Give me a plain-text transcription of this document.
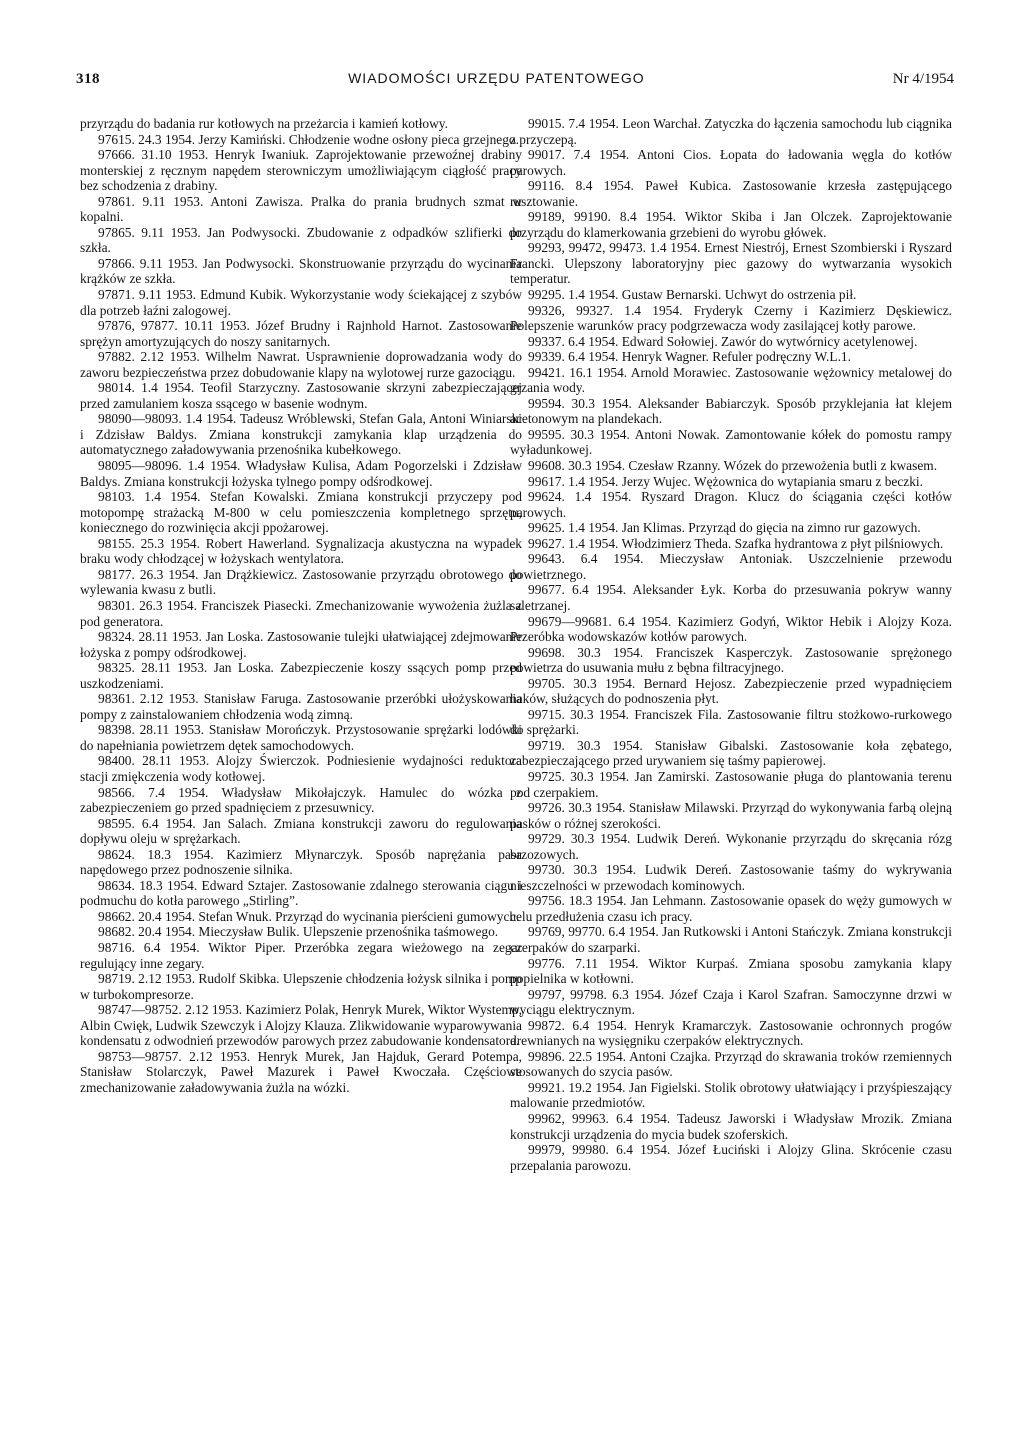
318	WIADOMOŚCI URZĘDU PATENTOWEGO	Nr 4/1954

przyrządu do badania rur kotłowych na przeżarcia i kamień kotłowy.

97615. 24.3 1954. Jerzy Kamiński. Chłodzenie wodne osłony pieca grzejnego.

97666. 31.10 1953. Henryk Iwaniuk. Zaprojektowanie przewoźnej drabiny monterskiej z ręcznym napędem sterowniczym umożliwiającym ciągłość pracy bez schodzenia z drabiny.

97861. 9.11 1953. Antoni Zawisza. Pralka do prania brudnych szmat w kopalni.

97865. 9.11 1953. Jan Podwysocki. Zbudowanie z odpadków szlifierki do szkła.

97866. 9.11 1953. Jan Podwysocki. Skonstruowanie przyrządu do wycinania krążków ze szkła.

97871. 9.11 1953. Edmund Kubik. Wykorzystanie wody ściekającej z szybów dla potrzeb łaźni zalogowej.

97876, 97877. 10.11 1953. Józef Brudny i Rajnhold Harnot. Zastosowanie sprężyn amortyzujących do noszy sanitarnych.

97882. 2.12 1953. Wilhelm Nawrat. Usprawnienie doprowadzania wody do zaworu bezpieczeństwa przez dobudowanie klapy na wylotowej rurze gazociągu.

98014. 1.4 1954. Teofil Starzyczny. Zastosowanie skrzyni zabezpieczającej przed zamulaniem kosza ssącego w basenie wodnym.

98090—98093. 1.4 1954. Tadeusz Wróblewski, Stefan Gala, Antoni Winiarski i Zdzisław Baldys. Zmiana konstrukcji zamykania klap urządzenia do automatycznego załadowywania przenośnika kubełkowego.

98095—98096. 1.4 1954. Władysław Kulisa, Adam Pogorzelski i Zdzisław Baldys. Zmiana konstrukcji łożyska tylnego pompy odśrodkowej.

98103. 1.4 1954. Stefan Kowalski. Zmiana konstrukcji przyczepy pod motopompę strażacką M-800 w celu pomieszczenia kompletnego sprzętu, koniecznego do rozwinięcia akcji ppożarowej.

98155. 25.3 1954. Robert Hawerland. Sygnalizacja akustyczna na wypadek braku wody chłodzącej w łożyskach wentylatora.

98177. 26.3 1954. Jan Drążkiewicz. Zastosowanie przyrządu obrotowego do wylewania kwasu z butli.

98301. 26.3 1954. Franciszek Piasecki. Zmechanizowanie wywożenia żużla z pod generatora.

98324. 28.11 1953. Jan Loska. Zastosowanie tulejki ułatwiającej zdejmowanie łożyska z pompy odśrodkowej.

98325. 28.11 1953. Jan Loska. Zabezpieczenie koszy ssących pomp przed uszkodzeniami.

98361. 2.12 1953. Stanisław Faruga. Zastosowanie przeróbki ułożyskowania pompy z zainstalowaniem chłodzenia wodą zimną.

98398. 28.11 1953. Stanisław Morończyk. Przystosowanie sprężarki lodówki do napełniania powietrzem dętek samochodowych.

98400. 28.11 1953. Alojzy Świerczok. Podniesienie wydajności reduktora stacji zmiękczenia wody kotłowej.

98566. 7.4 1954. Władysław Mikołajczyk. Hamulec do wózka z zabezpieczeniem go przed spadnięciem z przesuwnicy.

98595. 6.4 1954. Jan Salach. Zmiana konstrukcji zaworu do regulowania dopływu oleju w sprężarkach.

98624. 18.3 1954. Kazimierz Młynarczyk. Sposób naprężania pasa napędowego przez podnoszenie silnika.

98634. 18.3 1954. Edward Sztajer. Zastosowanie zdalnego sterowania ciągu i podmuchu do kotła parowego „Stirling”.

98662. 20.4 1954. Stefan Wnuk. Przyrząd do wycinania pierścieni gumowych.

98682. 20.4 1954. Mieczysław Bulik. Ulepszenie przenośnika taśmowego.

98716. 6.4 1954. Wiktor Piper. Przeróbka zegara wieżowego na zegar regulujący inne zegary.

98719. 2.12 1953. Rudolf Skibka. Ulepszenie chłodzenia łożysk silnika i pomp w turbokompresorze.

98747—98752. 2.12 1953. Kazimierz Polak, Henryk Murek, Wiktor Wystemp, Albin Cwięk, Ludwik Szewczyk i Alojzy Klauza. Zlikwidowanie wyparowywania kondensatu z odwodnień przewodów parowych przez zabudowanie kondensatora.

98753—98757. 2.12 1953. Henryk Murek, Jan Hajduk, Gerard Potempa, Stanisław Stolarczyk, Paweł Mazurek i Paweł Kwoczała. Częściowe zmechanizowanie załadowywania żużla na wózki.

99015. 7.4 1954. Leon Warchał. Zatyczka do łączenia samochodu lub ciągnika z przyczepą.

99017. 7.4 1954. Antoni Cios. Łopata do ładowania węgla do kotłów parowych.

99116. 8.4 1954. Paweł Kubica. Zastosowanie krzesła zastępującego rusztowanie.

99189, 99190. 8.4 1954. Wiktor Skiba i Jan Olczek. Zaprojektowanie przyrządu do klamerkowania grzebieni do wyrobu główek.

99293, 99472, 99473. 1.4 1954. Ernest Niestrój, Ernest Szombierski i Ryszard Francki. Ulepszony laboratoryjny piec gazowy do wytwarzania wysokich temperatur.

99295. 1.4 1954. Gustaw Bernarski. Uchwyt do ostrzenia pił.

99326, 99327. 1.4 1954. Fryderyk Czerny i Kazimierz Dęskiewicz. Polepszenie warunków pracy podgrzewacza wody zasilającej kotły parowe.

99337. 6.4 1954. Edward Sołowiej. Zawór do wytwórnicy acetylenowej.

99339. 6.4 1954. Henryk Wagner. Refuler podręczny W.L.1.

99421. 16.1 1954. Arnold Morawiec. Zastosowanie wężownicy metalowej do grzania wody.

99594. 30.3 1954. Aleksander Babiarczyk. Sposób przyklejania łat klejem acetonowym na plandekach.

99595. 30.3 1954. Antoni Nowak. Zamontowanie kółek do pomostu rampy wyładunkowej.

99608. 30.3 1954. Czesław Rzanny. Wózek do przewożenia butli z kwasem.

99617. 1.4 1954. Jerzy Wujec. Wężownica do wytapiania smaru z beczki.

99624. 1.4 1954. Ryszard Dragon. Klucz do ściągania części kotłów parowych.

99625. 1.4 1954. Jan Klimas. Przyrząd do gięcia na zimno rur gazowych.

99627. 1.4 1954. Włodzimierz Theda. Szafka hydrantowa z płyt pilśniowych.

99643. 6.4 1954. Mieczysław Antoniak. Uszczelnienie przewodu powietrznego.

99677. 6.4 1954. Aleksander Łyk. Korba do przesuwania pokryw wanny saletrzanej.

99679—99681. 6.4 1954. Kazimierz Godyń, Wiktor Hebik i Alojzy Koza. Przeróbka wodowskazów kotłów parowych.

99698. 30.3 1954. Franciszek Kasperczyk. Zastosowanie sprężonego powietrza do usuwania mułu z bębna filtracyjnego.

99705. 30.3 1954. Bernard Hejosz. Zabezpieczenie przed wypadnięciem haków, służących do podnoszenia płyt.

99715. 30.3 1954. Franciszek Fila. Zastosowanie filtru stożkowo-rurkowego do sprężarki.

99719. 30.3 1954. Stanisław Gibalski. Zastosowanie koła zębatego, zabezpieczającego przed urywaniem się taśmy papierowej.

99725. 30.3 1954. Jan Zamirski. Zastosowanie pługa do plantowania terenu pod czerpakiem.

99726. 30.3 1954. Stanisław Milawski. Przyrząd do wykonywania farbą olejną pasków o różnej szerokości.

99729. 30.3 1954. Ludwik Dereń. Wykonanie przyrządu do skręcania rózg brzozowych.

99730. 30.3 1954. Ludwik Dereń. Zastosowanie taśmy do wykrywania nieszczelności w przewodach kominowych.

99756. 18.3 1954. Jan Lehmann. Zastosowanie opasek do węży gumowych w celu przedłużenia czasu ich pracy.

99769, 99770. 6.4 1954. Jan Rutkowski i Antoni Stańczyk. Zmiana konstrukcji czerpaków do szarparki.

99776. 7.11 1954. Wiktor Kurpaś. Zmiana sposobu zamykania klapy popielnika w kotłowni.

99797, 99798. 6.3 1954. Józef Czaja i Karol Szafran. Samoczynne drzwi w wyciągu elektrycznym.

99872. 6.4 1954. Henryk Kramarczyk. Zastosowanie ochronnych progów drewnianych na wysięgniku czerpaków elektrycznych.

99896. 22.5 1954. Antoni Czajka. Przyrząd do skrawania troków rzemiennych stosowanych do szycia pasów.

99921. 19.2 1954. Jan Figielski. Stolik obrotowy ułatwiający i przyśpieszający malowanie przedmiotów.

99962, 99963. 6.4 1954. Tadeusz Jaworski i Władysław Mrozik. Zmiana konstrukcji urządzenia do mycia budek szoferskich.

99979, 99980. 6.4 1954. Józef Łuciński i Alojzy Glina. Skrócenie czasu przepalania parowozu.
